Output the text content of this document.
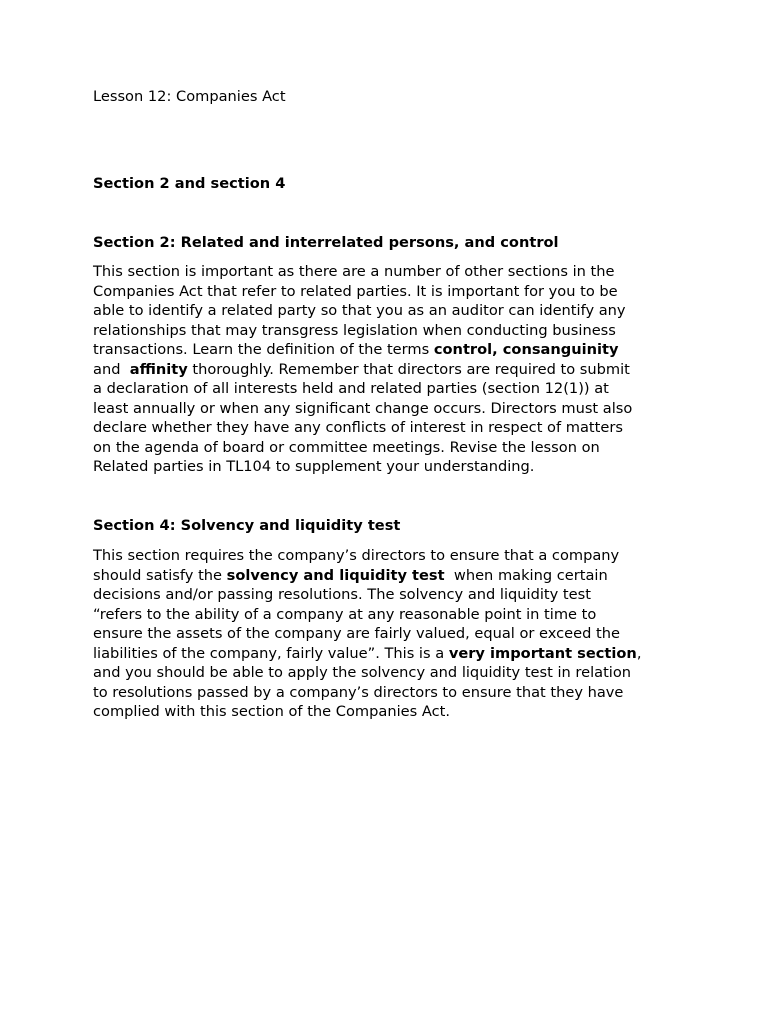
Lesson 12: Companies Act

Section 2 and section 4

Section 2: Related and interrelated persons, and control

This section is important as there are a number of other sections in the
Companies Act that refer to related parties. It is important for you to be
able to identify a related party so that you as an auditor can identify any
relationships that may transgress legislation when conducting business
transactions. Learn the definition of the terms control, consanguinity
and  affinity thoroughly. Remember that directors are required to submit
a declaration of all interests held and related parties (section 12(1)) at
least annually or when any significant change occurs. Directors must also
declare whether they have any conflicts of interest in respect of matters
on the agenda of board or committee meetings. Revise the lesson on
Related parties in TL104 to supplement your understanding.

Section 4: Solvency and liquidity test

This section requires the company’s directors to ensure that a company
should satisfy the solvency and liquidity test  when making certain
decisions and/or passing resolutions. The solvency and liquidity test
“refers to the ability of a company at any reasonable point in time to
ensure the assets of the company are fairly valued, equal or exceed the
liabilities of the company, fairly value”. This is a very important section,
and you should be able to apply the solvency and liquidity test in relation
to resolutions passed by a company’s directors to ensure that they have
complied with this section of the Companies Act.
